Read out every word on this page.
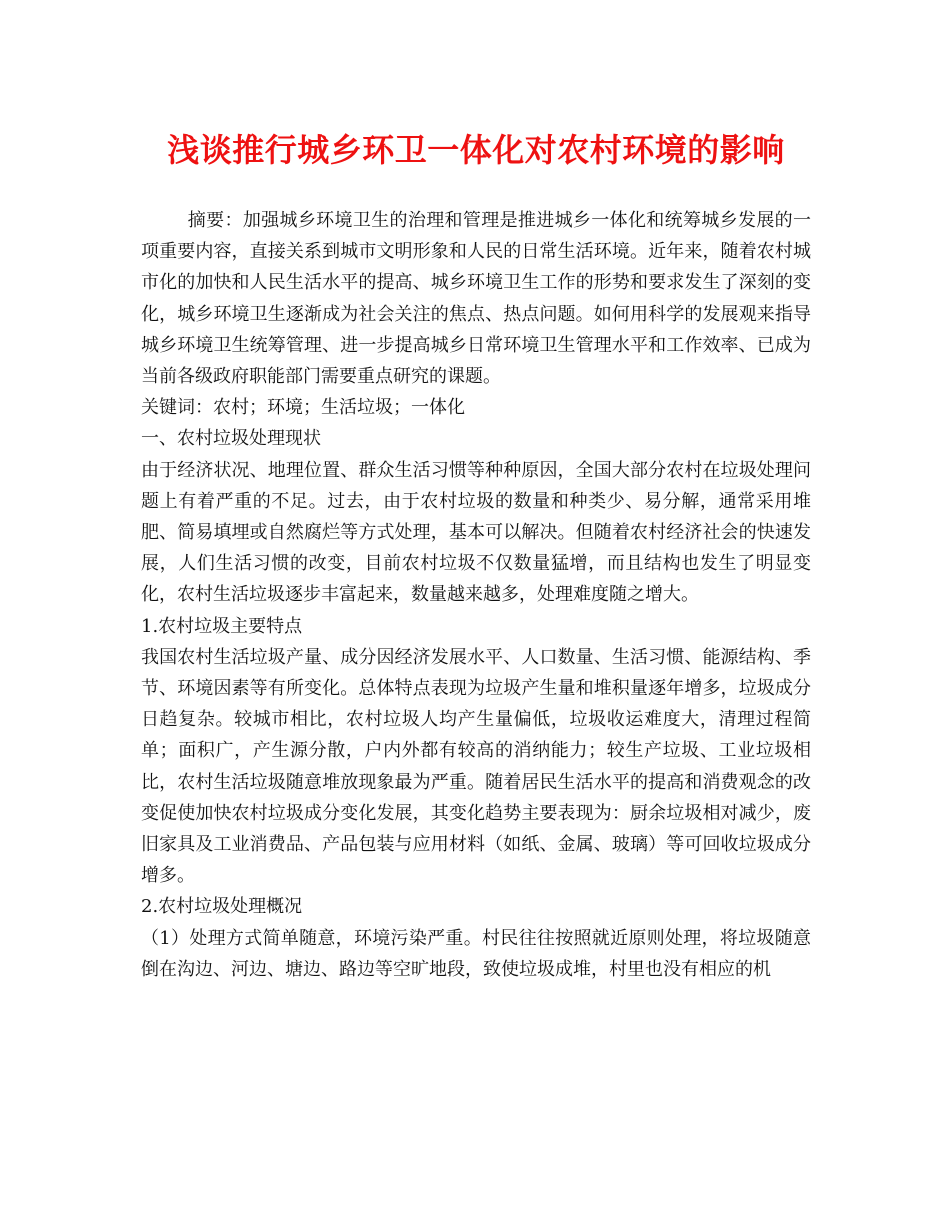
浅谈推行城乡环卫一体化对农村环境的影响

摘要：加强城乡环境卫生的治理和管理是推进城乡一体化和统筹城乡发展的一项重要内容，直接关系到城市文明形象和人民的日常生活环境。近年来，随着农村城市化的加快和人民生活水平的提高、城乡环境卫生工作的形势和要求发生了深刻的变化，城乡环境卫生逐渐成为社会关注的焦点、热点问题。如何用科学的发展观来指导城乡环境卫生统筹管理、进一步提高城乡日常环境卫生管理水平和工作效率、已成为当前各级政府职能部门需要重点研究的课题。

关键词：农村；环境；生活垃圾；一体化

一、农村垃圾处理现状

由于经济状况、地理位置、群众生活习惯等种种原因，全国大部分农村在垃圾处理问题上有着严重的不足。过去，由于农村垃圾的数量和种类少、易分解，通常采用堆肥、简易填埋或自然腐烂等方式处理，基本可以解决。但随着农村经济社会的快速发展，人们生活习惯的改变，目前农村垃圾不仅数量猛增，而且结构也发生了明显变化，农村生活垃圾逐步丰富起来，数量越来越多，处理难度随之增大。

1.农村垃圾主要特点

我国农村生活垃圾产量、成分因经济发展水平、人口数量、生活习惯、能源结构、季节、环境因素等有所变化。总体特点表现为垃圾产生量和堆积量逐年增多，垃圾成分日趋复杂。较城市相比，农村垃圾人均产生量偏低，垃圾收运难度大，清理过程简单；面积广，产生源分散，户内外都有较高的消纳能力；较生产垃圾、工业垃圾相比，农村生活垃圾随意堆放现象最为严重。随着居民生活水平的提高和消费观念的改变促使加快农村垃圾成分变化发展，其变化趋势主要表现为：厨余垃圾相对减少，废旧家具及工业消费品、产品包装与应用材料（如纸、金属、玻璃）等可回收垃圾成分增多。

2.农村垃圾处理概况

（1）处理方式简单随意，环境污染严重。村民往往按照就近原则处理，将垃圾随意倒在沟边、河边、塘边、路边等空旷地段，致使垃圾成堆，村里也没有相应的机
